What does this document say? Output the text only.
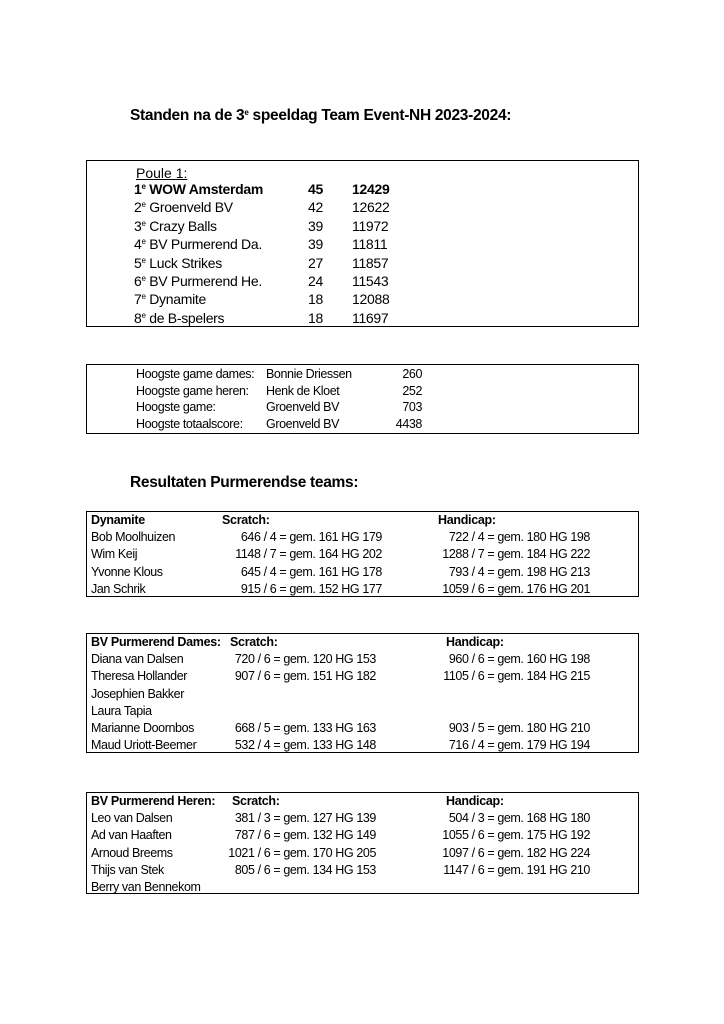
Standen na de 3e speeldag Team Event-NH 2023-2024:
Poule 1:
1e WOW Amsterdam	45	12429
2e Groenveld BV	42	12622
3e Crazy Balls	39	11972
4e BV Purmerend Da.	39	11811
5e Luck Strikes	27	11857
6e BV Purmerend He.	24	11543
7e Dynamite	18	12088
8e de B-spelers	18	11697
Hoogste game dames: Bonnie Driessen	260
Hoogste game heren: Henk de Kloet	252
Hoogste game:	Groenveld BV	703
Hoogste totaalscore: Groenveld BV	4438
Resultaten Purmerendse teams:
Dynamite	Scratch:	Handicap:
Bob Moolhuizen	646 / 4 = gem. 161 HG 179	722 / 4 = gem. 180 HG 198
Wim Keij	1148 / 7 = gem. 164 HG 202	1288 / 7 = gem. 184 HG 222
Yvonne Klous	645 / 4 = gem. 161 HG 178	793 / 4 = gem. 198 HG 213
Jan Schrik	915 / 6 = gem. 152 HG 177	1059 / 6 = gem. 176 HG 201
BV Purmerend Dames: Scratch:	Handicap:
Diana van Dalsen	720 / 6 = gem. 120 HG 153	960 / 6 = gem. 160 HG 198
Theresa Hollander	907 / 6 = gem. 151 HG 182	1105 / 6 = gem. 184 HG 215
Josephien Bakker
Laura Tapia
Marianne Doornbos	668 / 5 = gem. 133 HG 163	903 / 5 = gem. 180 HG 210
Maud Uriott-Beemer	532 / 4 = gem. 133 HG 148	716 / 4 = gem. 179 HG 194
BV Purmerend Heren: Scratch:	Handicap:
Leo van Dalsen	381 / 3 = gem. 127 HG 139	504 / 3 = gem. 168 HG 180
Ad van Haaften	787 / 6 = gem. 132 HG 149	1055 / 6 = gem. 175 HG 192
Arnoud Breems	1021 / 6 = gem. 170 HG 205	1097 / 6 = gem. 182 HG 224
Thijs van Stek	805 / 6 = gem. 134 HG 153	1147 / 6 = gem. 191 HG 210
Berry van Bennekom
